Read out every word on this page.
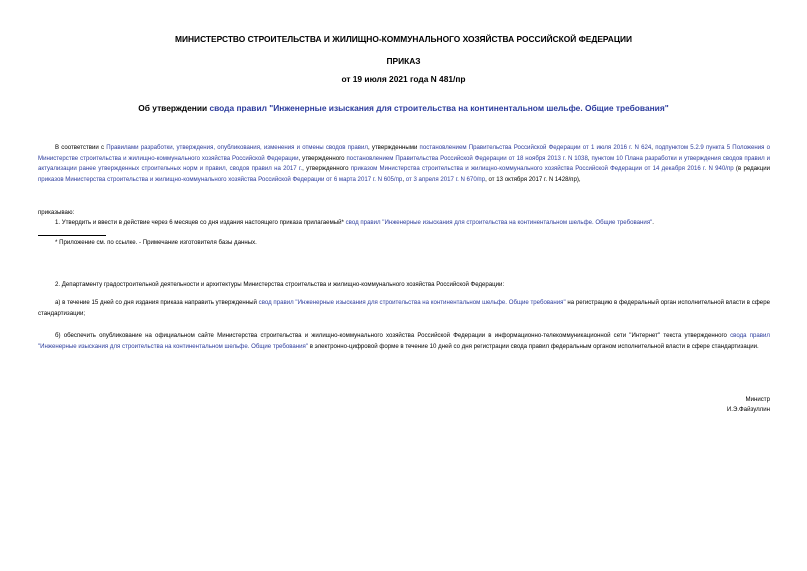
МИНИСТЕРСТВО СТРОИТЕЛЬСТВА И ЖИЛИЩНО-КОММУНАЛЬНОГО ХОЗЯЙСТВА РОССИЙСКОЙ ФЕДЕРАЦИИ
ПРИКАЗ
от 19 июля 2021 года N 481/пр
Об утверждении свода правил "Инженерные изыскания для строительства на континентальном шельфе. Общие требования"
В соответствии с Правилами разработки, утверждения, опубликования, изменения и отмены сводов правил, утвержденными постановлением Правительства Российской Федерации от 1 июля 2016 г. N 624, подпунктом 5.2.9 пункта 5 Положения о Министерстве строительства и жилищно-коммунального хозяйства Российской Федерации, утвержденного постановлением Правительства Российской Федерации от 18 ноября 2013 г. N 1038, пунктом 10 Плана разработки и утверждения сводов правил и актуализации ранее утвержденных строительных норм и правил, сводов правил на 2017 г., утвержденного приказом Министерства строительства и жилищно-коммунального хозяйства Российской Федерации от 14 декабря 2016 г. N 940/пр (в редакции приказов Министерства строительства и жилищно-коммунального хозяйства Российской Федерации от 6 марта 2017 г. N 605/пр, от 3 апреля 2017 г. N 670/пр, от 13 октября 2017 г. N 1428/пр),
приказываю:
1. Утвердить и ввести в действие через 6 месяцев со дня издания настоящего приказа прилагаемый* свод правил "Инженерные изыскания для строительства на континентальном шельфе. Общие требования".
* Приложение см. по ссылке. - Примечание изготовителя базы данных.
2. Департаменту градостроительной деятельности и архитектуры Министерства строительства и жилищно-коммунального хозяйства Российской Федерации:
а) в течение 15 дней со дня издания приказа направить утвержденный свод правил "Инженерные изыскания для строительства на континентальном шельфе. Общие требования" на регистрацию в федеральный орган исполнительной власти в сфере стандартизации;
б) обеспечить опубликование на официальном сайте Министерства строительства и жилищно-коммунального хозяйства Российской Федерации в информационно-телекоммуникационной сети "Интернет" текста утвержденного свода правил "Инженерные изыскания для строительства на континентальном шельфе. Общие требования" в электронно-цифровой форме в течение 10 дней со дня регистрации свода правил федеральным органом исполнительной власти в сфере стандартизации.
Министр
И.Э.Файзуллин
